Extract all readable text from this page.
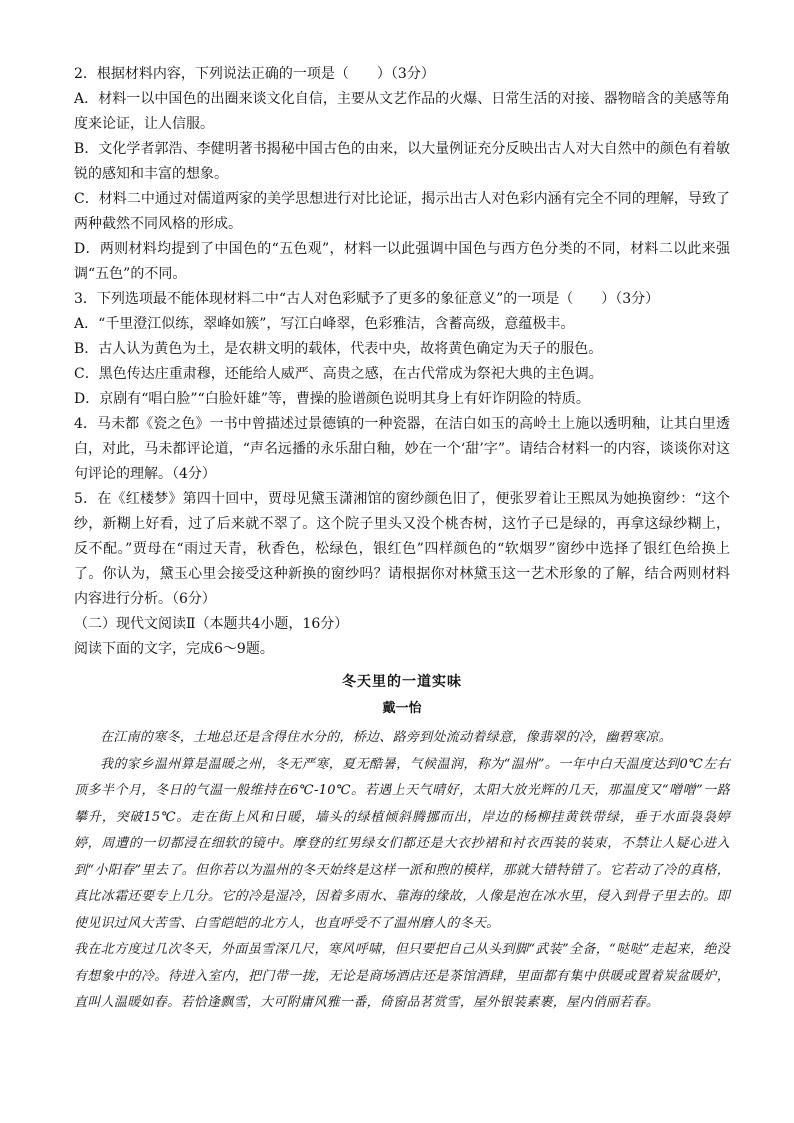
2．根据材料内容，下列说法正确的一项是（　　）（3分）

A．材料一以中国色的出圈来谈文化自信，主要从文艺作品的火爆、日常生活的对接、器物暗含的美感等角度来论证，让人信服。

B．文化学者郭浩、李健明著书揭秘中国古色的由来，以大量例证充分反映出古人对大自然中的颜色有着敏锐的感知和丰富的想象。

C．材料二中通过对儒道两家的美学思想进行对比论证，揭示出古人对色彩内涵有完全不同的理解，导致了两种截然不同风格的形成。

D．两则材料均提到了中国色的“五色观”，材料一以此强调中国色与西方色分类的不同，材料二以此来强调“五色”的不同。

3．下列选项最不能体现材料二中“古人对色彩赋予了更多的象征意义”的一项是（　　）（3分）

A．“千里澄江似练，翠峰如簇”，写江白峰翠，色彩雅洁，含蓄高级，意蕴极丰。

B．古人认为黄色为土，是农耕文明的载体，代表中央，故将黄色确定为天子的服色。

C．黑色传达庄重肃穆，还能给人威严、高贵之感，在古代常成为祭祀大典的主色调。

D．京剧有“唱白脸”“白脸奸雄”等，曹操的脸谱颜色说明其身上有奸诈阴险的特质。

4．马未都《瓷之色》一书中曾描述过景德镇的一种瓷器，在洁白如玉的高岭土上施以透明釉，让其白里透白，对此，马未都评论道，“声名远播的永乐甜白釉，妙在一个‘甜’字”。请结合材料一的内容，谈谈你对这句评论的理解。（4分）

5．在《红楼梦》第四十回中，贾母见黛玉潇湘馆的窗纱颜色旧了，便张罗着让王熙凤为她换窗纱：“这个纱，新糊上好看，过了后来就不翠了。这个院子里头又没个桃杏树，这竹子已是绿的，再拿这绿纱糊上，反不配。”贾母在“雨过天青，秋香色，松绿色，银红色”四样颜色的“软烟罗”窗纱中选择了银红色给换上了。你认为，黛玉心里会接受这种新换的窗纱吗？请根据你对林黛玉这一艺术形象的了解，结合两则材料内容进行分析。（6分）

（二）现代文阅读Ⅱ（本题共4小题，16分）

阅读下面的文字，完成6～9题。

冬天里的一道实味

戴一怡

在江南的寒冬，土地总还是含得住水分的，桥边、路旁到处流动着绿意，像翡翠的冷，幽碧寒凉。

我的家乡温州算是温暖之州，冬无严寒，夏无酷暑，气候温润，称为“温州”。一年中白天温度达到0℃左右顶多半个月，冬日的气温一般维持在6℃-10℃。若遇上天气晴好，太阳大放光辉的几天，那温度又“噌噌”一路攀升，突破15℃。走在街上风和日暖，墙头的绿植倾斜腾挪而出，岸边的杨柳挂黄铁带绿，垂于水面袅袅婷婷，周遭的一切都浸在细软的镜中。摩登的红男绿女们都还是大衣抄裙和衬衣西装的装束，不禁让人疑心进入到“小阳春”里去了。但你若以为温州的冬天始终是这样一派和煦的模样，那就大错特错了。它若动了冷的真格，真比冰霜还要专上几分。它的冷是湿冷，因着多雨水、靠海的缘故，人像是泡在冰水里，侵入到骨子里去的。即使见识过风大苦雪、白雪皑皑的北方人，也直呼受不了温州磨人的冬天。

我在北方度过几次冬天，外面虽雪深几尺，寒风呼啸，但只要把自己从头到脚“武装”全备，“哒哒”走起来，绝没有想象中的冷。待进入室内，把门带一拢，无论是商场酒店还是茶馆酒肆，里面都有集中供暖或置着炭盆暖炉，直叫人温暖如春。若恰逢飘雪，大可附庸风雅一番，倚窗品茗赏雪，屋外银装素裹，屋内俏丽若春。
